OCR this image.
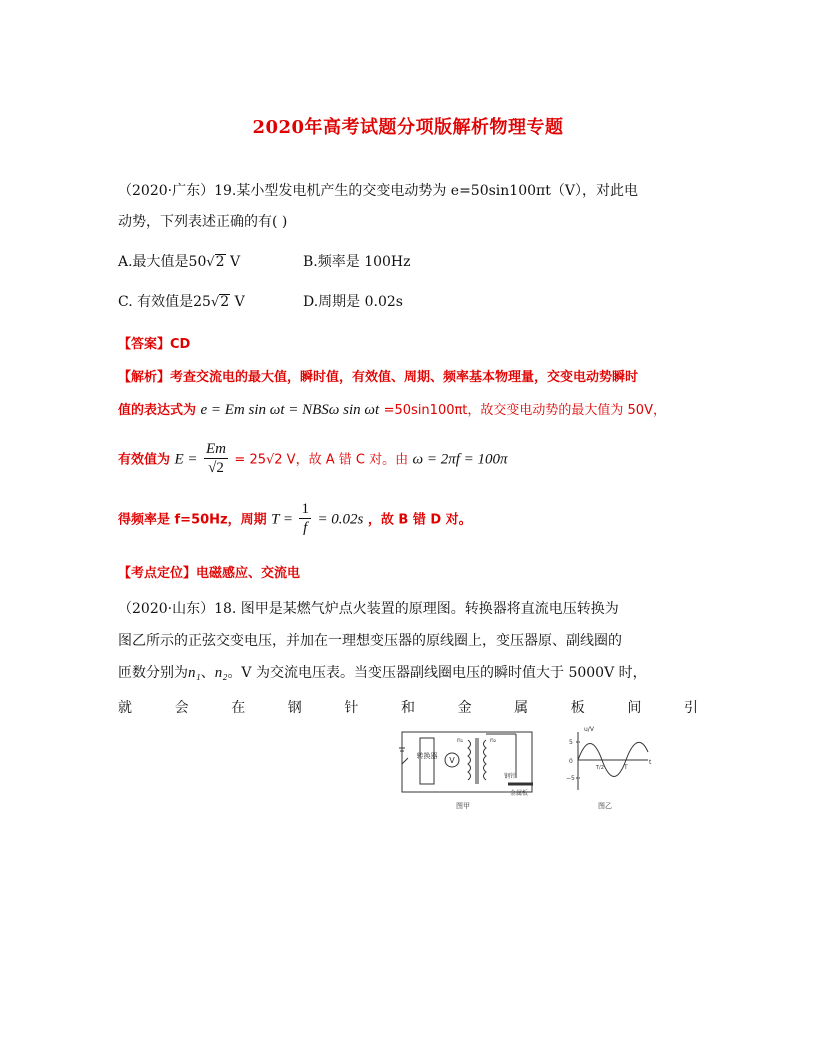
2020年高考试题分项版解析物理专题
（2020·广东）19.某小型发电机产生的交变电动势为 e=50sin100πt（V），对此电
动势，下列表述正确的有( )
A.最大值是50√2 V	B.频率是 100Hz
C. 有效值是25√2 V	D.周期是 0.02s
【答案】CD
【解析】考查交流电的最大值，瞬时值，有效值、周期、频率基本物理量，交变电动势瞬时
值的表达式为 e = Em sin ωt = NBSω sin ωt =50sin100πt，故交变电动势的最大值为 50V，
有效值为 $E = \frac{Em}{√2} = 25√2$ V，故 A 错 C 对。由 ω = 2πf = 100π
得频率是 f=50Hz，周期 $T = \frac{1}{f} = 0.02s$ ，故 B 错 D 对。
【考点定位】电磁感应、交流电
（2020·山东）18. 图甲是某燃气炉点火装置的原理图。转换器将直流电压转换为
图乙所示的正弦交变电压，并加在一理想变压器的原线圈上，变压器原、副线圈的
匝数分别为n₁、n₂。V 为交流电压表。当变压器副线圈电压的瞬时值大于 5000V 时，
就	会	在	钢	针	和	金	属	板	间	引
转换器 V
n₁	n₂
钢针
金属板
图甲
u/V
t
5
0
−5
T/2	T
图乙
